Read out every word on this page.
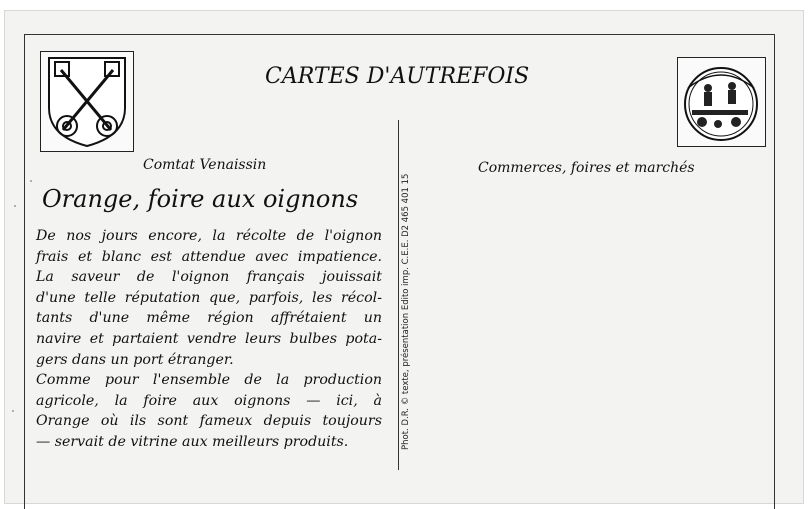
CARTES D'AUTREFOIS
Comtat Venaissin	Commerces, foires et marchés
Orange, foire aux oignons
De nos jours encore, la récolte de l'oignon
frais et blanc est attendue avec impatience.
La saveur de l'oignon français jouissait
d'une telle réputation que, parfois, les récol-
tants d'une même région affrétaient un
navire et partaient vendre leurs bulbes pota-
gers dans un port étranger.
Comme pour l'ensemble de la production
agricole, la foire aux oignons — ici, à
Orange où ils sont fameux depuis toujours
— servait de vitrine aux meilleurs produits.	Phot. D.R. © texte, présentation Edito imp. C.E.E. D2 465 401 15
